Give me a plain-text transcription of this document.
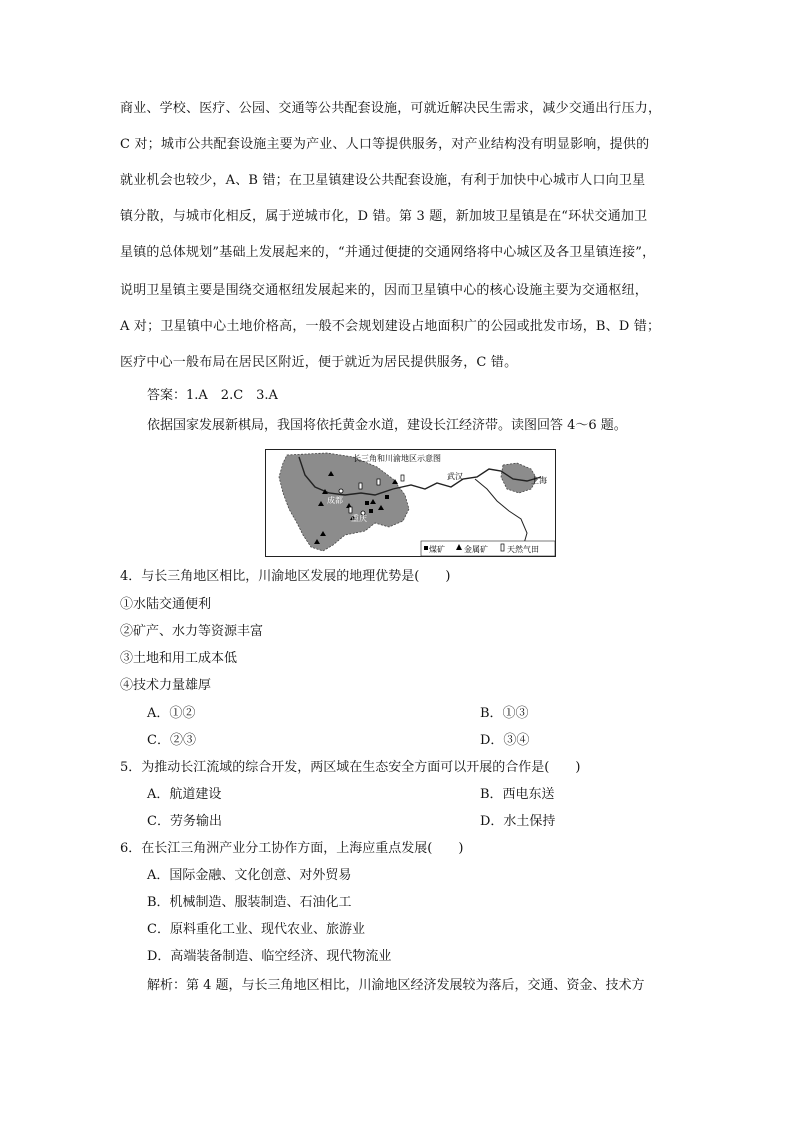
商业、学校、医疗、公园、交通等公共配套设施，可就近解决民生需求，减少交通出行压力，
C 对；城市公共配套设施主要为产业、人口等提供服务，对产业结构没有明显影响，提供的
就业机会也较少，A、B 错；在卫星镇建设公共配套设施，有利于加快中心城市人口向卫星
镇分散，与城市化相反，属于逆城市化，D 错。第 3 题，新加坡卫星镇是在“环状交通加卫
星镇的总体规划”基础上发展起来的，“并通过便捷的交通网络将中心城区及各卫星镇连接”，
说明卫星镇主要是围绕交通枢纽发展起来的，因而卫星镇中心的核心设施主要为交通枢纽，
A 对；卫星镇中心土地价格高，一般不会规划建设占地面积广的公园或批发市场，B、D 错；
医疗中心一般布局在居民区附近，便于就近为居民提供服务，C 错。
答案：1.A　2.C　3.A
依据国家发展新棋局，我国将依托黄金水道，建设长江经济带。读图回答 4～6 题。
长三角和川渝地区示意图
成都
重庆
武汉	上海
煤矿 金属矿 天然气田
4．与长三角地区相比，川渝地区发展的地理优势是(　　)
①水陆交通便利
②矿产、水力等资源丰富
③土地和用工成本低
④技术力量雄厚
A．①②	B．①③
C．②③	D．③④
5．为推动长江流域的综合开发，两区域在生态安全方面可以开展的合作是(　　)
A．航道建设	B．西电东送
C．劳务输出	D．水土保持
6．在长江三角洲产业分工协作方面，上海应重点发展(　　)
A．国际金融、文化创意、对外贸易
B．机械制造、服装制造、石油化工
C．原料重化工业、现代农业、旅游业
D．高端装备制造、临空经济、现代物流业
解析：第 4 题，与长三角地区相比，川渝地区经济发展较为落后，交通、资金、技术方
